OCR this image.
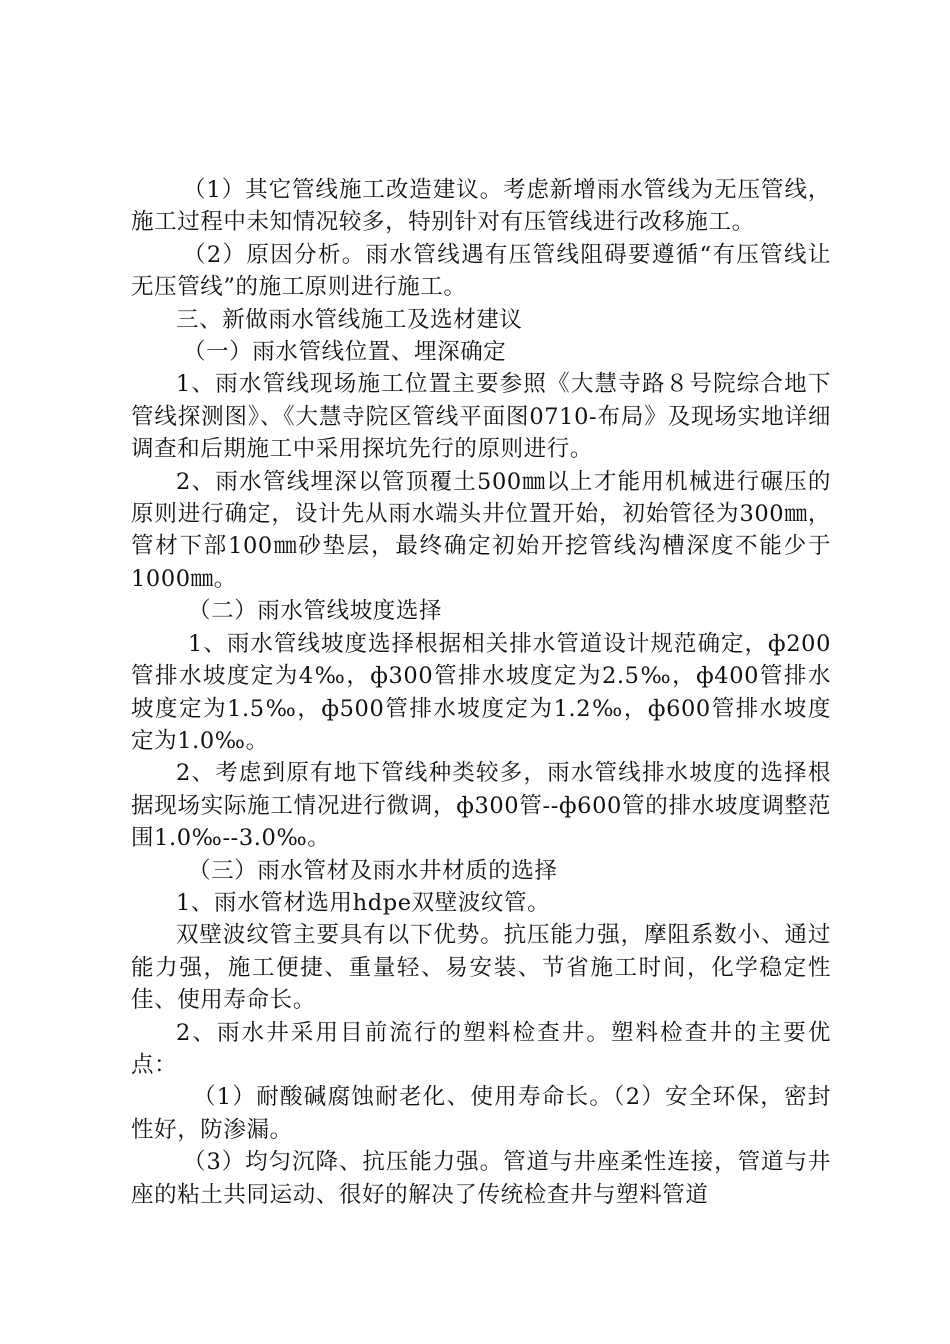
（1）其它管线施工改造建议。考虑新增雨水管线为无压管线，施工过程中未知情况较多，特别针对有压管线进行改移施工。

（2）原因分析。雨水管线遇有压管线阻碍要遵循“有压管线让无压管线”的施工原则进行施工。

三、新做雨水管线施工及选材建议

（一）雨水管线位置、埋深确定

1、雨水管线现场施工位置主要参照《大慧寺路８号院综合地下管线探测图》、《大慧寺院区管线平面图0710-布局》及现场实地详细调查和后期施工中采用探坑先行的原则进行。

2、雨水管线埋深以管顶覆土500㎜以上才能用机械进行碾压的原则进行确定，设计先从雨水端头井位置开始，初始管径为300㎜，管材下部100㎜砂垫层，最终确定初始开挖管线沟槽深度不能少于1000㎜。

（二）雨水管线坡度选择

1、雨水管线坡度选择根据相关排水管道设计规范确定，ф200管排水坡度定为4‰，ф300管排水坡度定为2.5‰，ф400管排水坡度定为1.5‰，ф500管排水坡度定为1.2‰，ф600管排水坡度定为1.0‰。

2、考虑到原有地下管线种类较多，雨水管线排水坡度的选择根据现场实际施工情况进行微调，ф300管--ф600管的排水坡度调整范围1.0‰--3.0‰。

（三）雨水管材及雨水井材质的选择

1、雨水管材选用hdpe双壁波纹管。

双壁波纹管主要具有以下优势。抗压能力强，摩阻系数小、通过能力强，施工便捷、重量轻、易安装、节省施工时间，化学稳定性佳、使用寿命长。

2、雨水井采用目前流行的塑料检查井。塑料检查井的主要优点：

（1）耐酸碱腐蚀耐老化、使用寿命长。（2）安全环保，密封性好，防渗漏。

（3）均匀沉降、抗压能力强。管道与井座柔性连接，管道与井座的粘土共同运动、很好的解决了传统检查井与塑料管道
